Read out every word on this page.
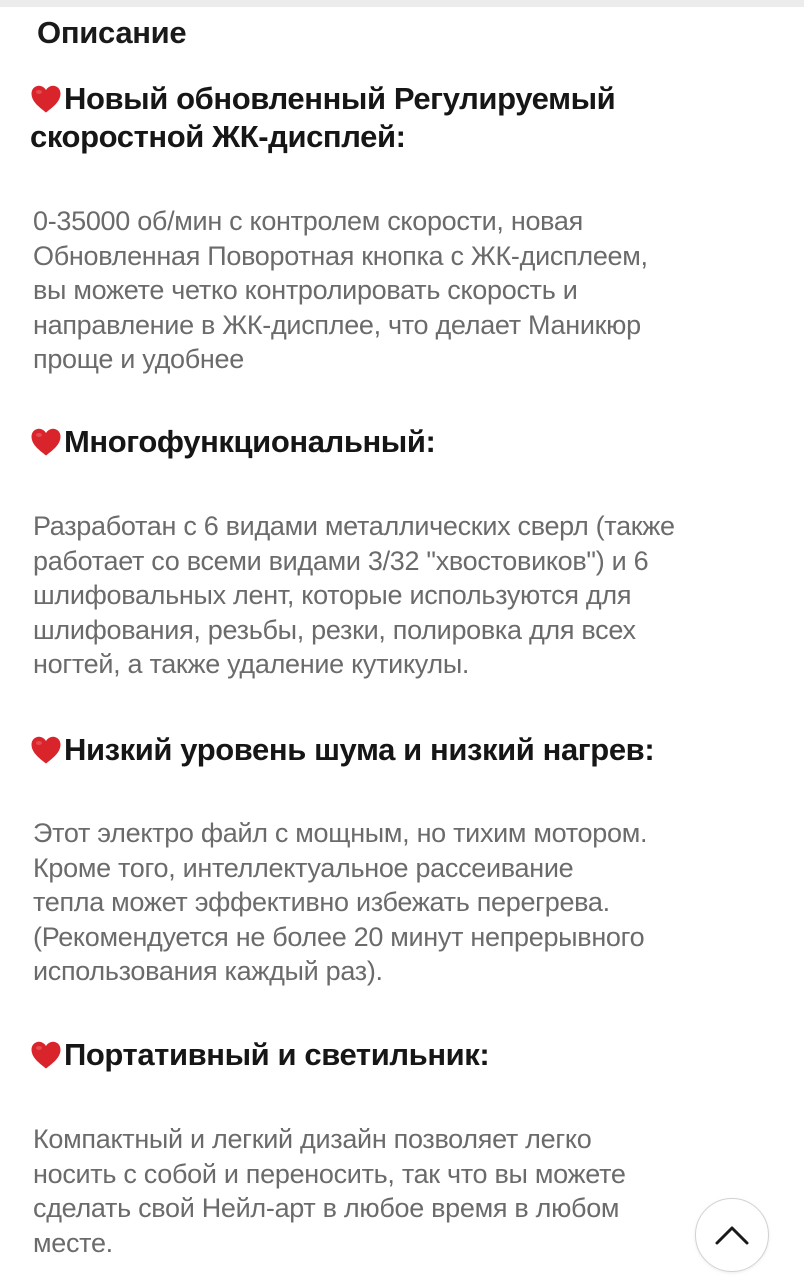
Описание
Новый обновленный Регулируемый
скоростной ЖК-дисплей:
0-35000 об/мин с контролем скорости, новая
Обновленная Поворотная кнопка с ЖК-дисплеем,
вы можете четко контролировать скорость и
направление в ЖК-дисплее, что делает Маникюр
проще и удобнее
Многофункциональный:
Разработан с 6 видами металлических сверл (также
работает со всеми видами 3/32 "хвостовиков") и 6
шлифовальных лент, которые используются для
шлифования, резьбы, резки, полировка для всех
ногтей, а также удаление кутикулы.
Низкий уровень шума и низкий нагрев:
Этот электро файл с мощным, но тихим мотором.
Кроме того, интеллектуальное рассеивание
тепла может эффективно избежать перегрева.
(Рекомендуется не более 20 минут непрерывного
использования каждый раз).
Портативный и светильник:
Компактный и легкий дизайн позволяет легко
носить с собой и переносить, так что вы можете
сделать свой Нейл-арт в любое время в любом
месте.
